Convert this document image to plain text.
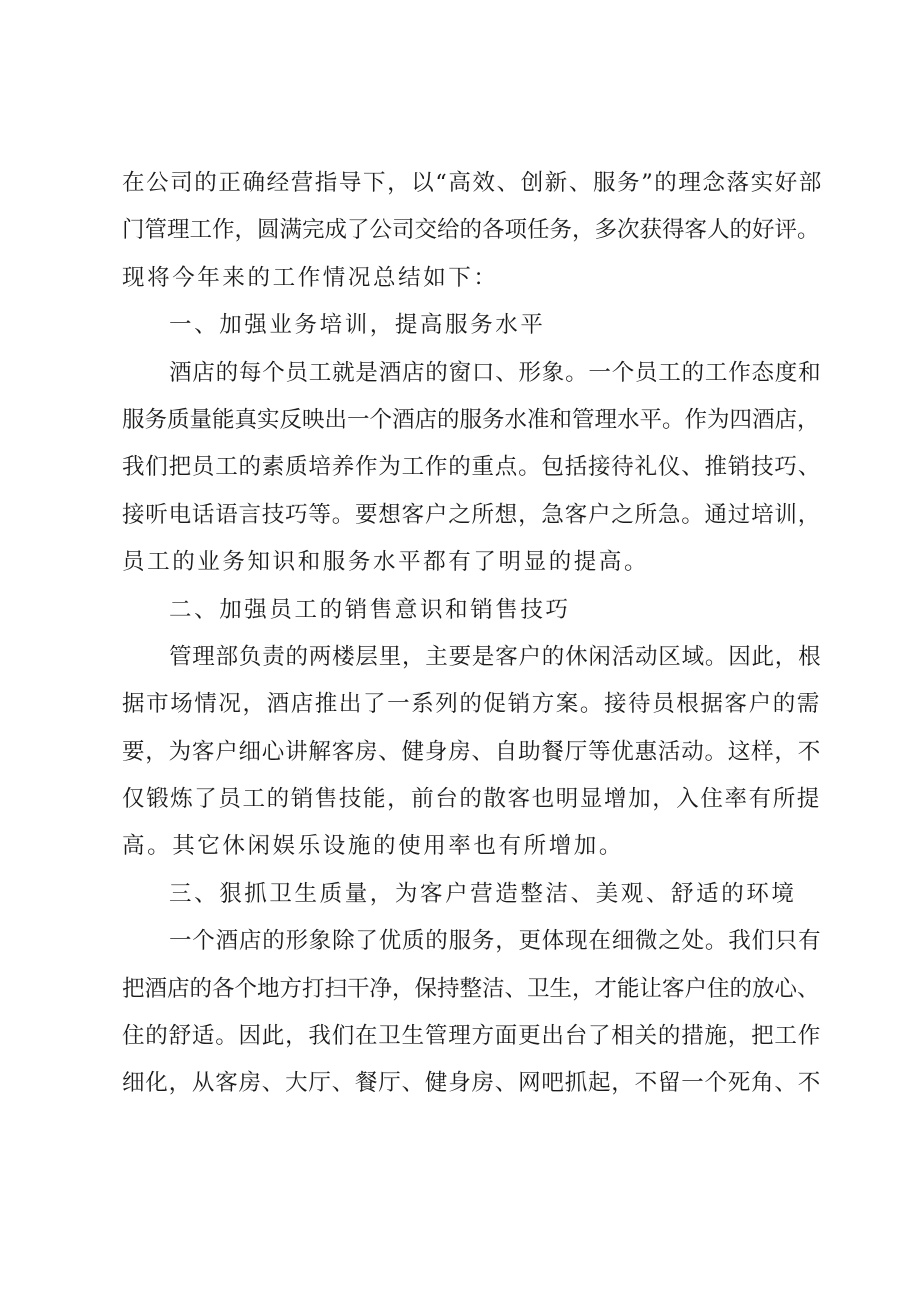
在公司的正确经营指导下，以“高效、创新、服务”的理念落实好部
门管理工作，圆满完成了公司交给的各项任务，多次获得客人的好评。
现将今年来的工作情况总结如下：
一、加强业务培训，提高服务水平
酒店的每个员工就是酒店的窗口、形象。一个员工的工作态度和
服务质量能真实反映出一个酒店的服务水准和管理水平。作为四酒店，
我们把员工的素质培养作为工作的重点。包括接待礼仪、推销技巧、
接听电话语言技巧等。要想客户之所想，急客户之所急。通过培训，
员工的业务知识和服务水平都有了明显的提高。
二、加强员工的销售意识和销售技巧
管理部负责的两楼层里，主要是客户的休闲活动区域。因此，根
据市场情况，酒店推出了一系列的促销方案。接待员根据客户的需
要，为客户细心讲解客房、健身房、自助餐厅等优惠活动。这样，不
仅锻炼了员工的销售技能，前台的散客也明显增加，入住率有所提
高。其它休闲娱乐设施的使用率也有所增加。
三、狠抓卫生质量，为客户营造整洁、美观、舒适的环境
一个酒店的形象除了优质的服务，更体现在细微之处。我们只有
把酒店的各个地方打扫干净，保持整洁、卫生，才能让客户住的放心、
住的舒适。因此，我们在卫生管理方面更出台了相关的措施，把工作
细化，从客房、大厅、餐厅、健身房、网吧抓起，不留一个死角、不
